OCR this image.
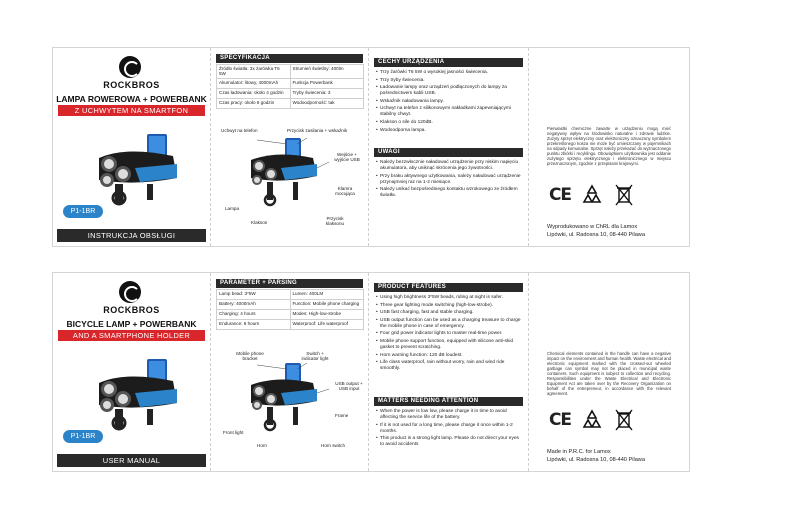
ROCKBROS
LAMPA ROWEROWA + POWERBANK
Z UCHWYTEM NA SMARTFON
P1-1BR
INSTRUKCJA OBSŁUGI
SPECYFIKACJA
Źródło światła: 3x żarówka T6 5W	Strumień świetlny: 400lm
Akumulator: litowy, 4000mAh	Funkcja Powerbank
Czas ładowania: około 4 godzin	Tryby świecenia: 3
Czas pracy: około 6 godzin	Wodoodporność: tak
Uchwyt na telefon	Przycisk zasilania + wskaźnik
Wejście + wyjście USB
Klamra mocująca
Lampa
Klakson
Przycisk klaksonu
CECHY URZĄDZENIA
• Trzy żarówki T6 5W o wysokiej jasności świecenia.
• Trzy tryby świecenia.
• Ładowanie lampy oraz urządzeń podłączonych do lampy za pośrednictwem kabli USB.
• Wskaźnik naładowania lampy.
• Uchwyt na telefon z silikonowymi nakładkami zapewniającymi stabilny chwyt.
• Klakson o sile do 120dB.
• Wodoodporna lampa.
UWAGI
• Należy bezzwłocznie naładować urządzenie przy niskim napięciu akumulatora, aby uniknąć skrócenia jego żywotności.
• Przy braku aktywnego użytkowania, należy naładować urządzenie przynajmniej raz na 1-2 miesiące.
• Należy unikać bezpośredniego kontaktu wzrokowego ze źródłem światła.
Pierwiastki chemiczne zawarte w urządzeniu mogą mieć negatywny wpływ na środowisko naturalne i zdrowie ludzkie. Zużyty sprzęt elektryczny oraz elektroniczny oznaczony symbolem przekreślonego kosza nie może być umieszczany w pojemnikach na odpady komunalne. Sprzęt należy przekazać do wyznaczonego punktu zbiórki i recyklingu. Obowiązkiem użytkownika jest oddanie zużytego sprzętu elektrycznego i elektronicznego w miejscu przeznaczonym, zgodnie z przepisami krajowymi.
CE
Wyprodukowano w ChRL dla Lamox
Lipówki, ul. Radosna 10, 08-440 Pilawa
ROCKBROS
BICYCLE LAMP + POWERBANK
AND A SMARTPHONE HOLDER
P1-1BR
USER MANUAL
PARAMETER + PARSING
Lamp bead: 3*5W	Lumen: 400LM
Battery: 4000mAh	Function: Mobile phone charging
Charging: 4 hours	Modes: High-low-strobe
Endurance: 6 hours	Waterproof: Life waterproof
Mobile phone bracket
Switch + indicator light
USB output + USB input
Frame
Front light
Horn	Horn switch
PRODUCT FEATURES
• Using high brightness 3*5W beads, riding at night is safer.
• Three gear lighting mode switching (high-low-strobe).
• USB fast charging, fast and stable charging.
• USB output function can be used as a charging treasure to charge the mobile phone in case of emergency.
• Four grid power indicator lights to master real-time power.
• Mobile phone support function, equipped with silicone anti-skid gasket to prevent scratching.
• Horn warning function: 120 dB loudest.
• Life class waterproof, rain without worry, rain and wind ride smoothly.
MATTERS NEEDING ATTENTION
• When the power is low low, please charge it in time to avoid affecting the service life of the battery.
• If it is not used for a long time, please charge it once within 1-2 months.
• This product is a strong light lamp. Please do not direct your eyes to avoid accidents
Chemical elements contained in the handle can have a negative impact on the environment and human health. Waste electrical and electronic equipment marked with the crossed-out wheeled garbage can symbol may not be placed in municipal waste containers. Such equipment is subject to collection and recycling. Responsibilities under the Waste Electrical and Electronic Equipment Act are taken over by the Recovery Organization on behalf of the entrepreneur, in accordance with the relevant agreement.
CE
Made in P.R.C. for Lamox
Lipówki, ul. Radosna 10, 08-440 Pilawa
